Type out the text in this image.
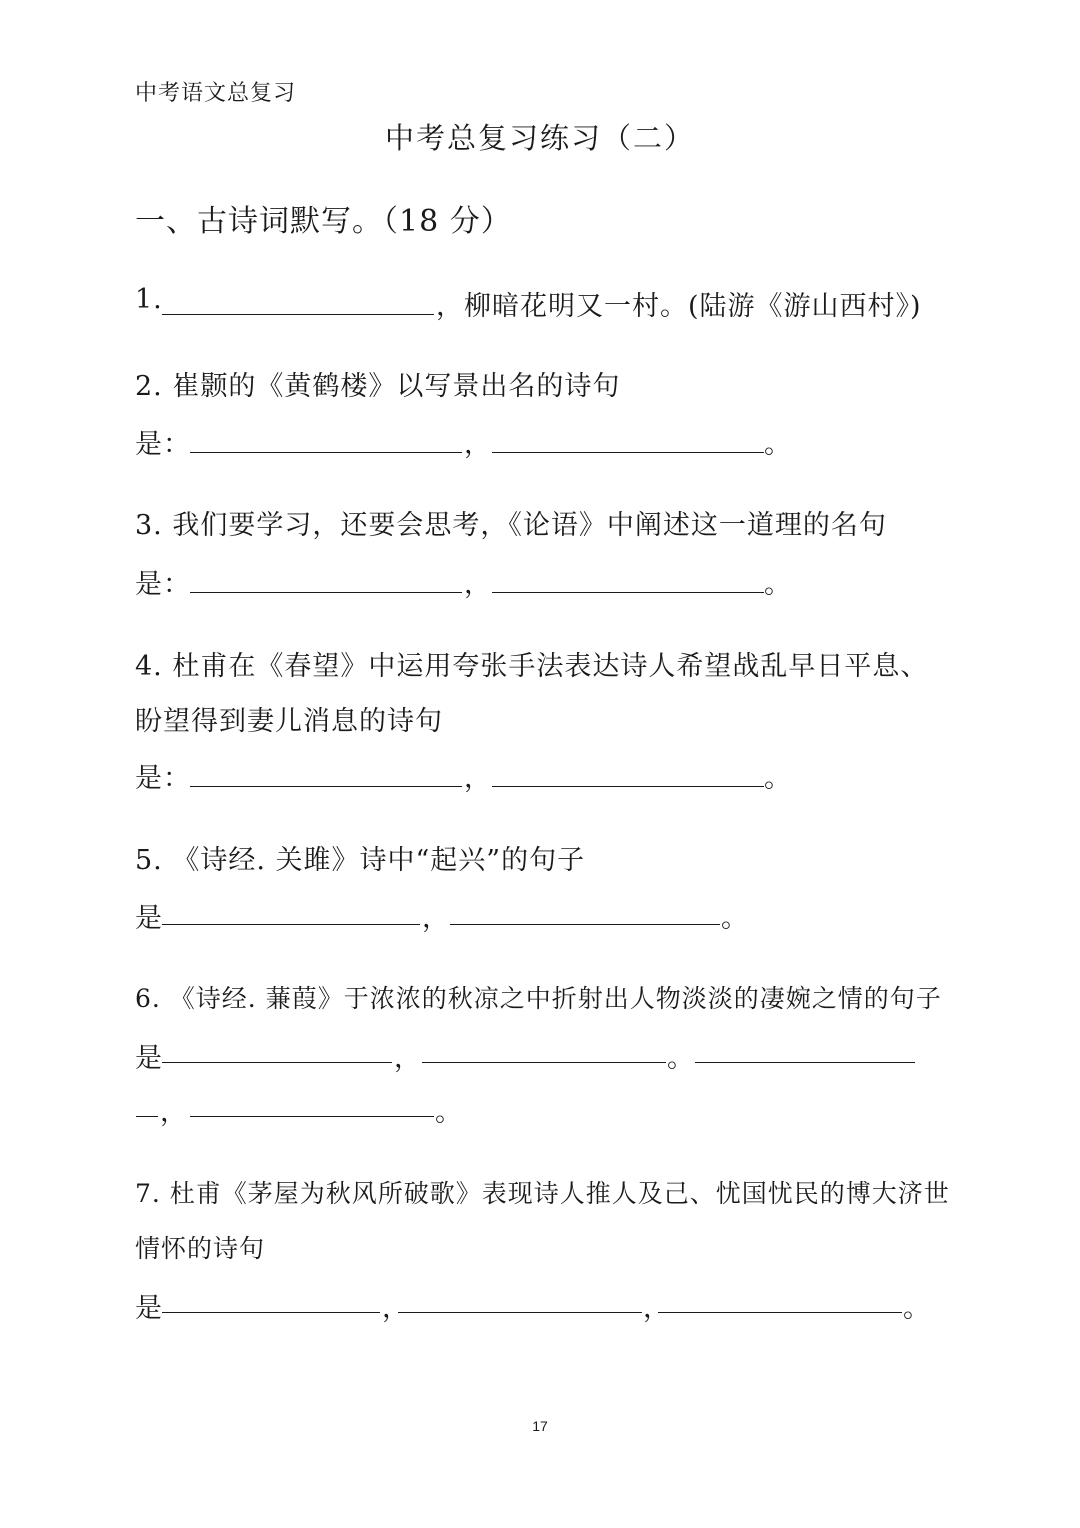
中考语文总复习
中考总复习练习（二）
一、古诗词默写。（18 分）
1.	，柳暗花明又一村。(陆游《游山西村》)
2. 崔颢的《黄鹤楼》以写景出名的诗句
是：	，	。
3. 我们要学习，还要会思考，《论语》中阐述这一道理的名句
是：	，	。
4. 杜甫在《春望》中运用夸张手法表达诗人希望战乱早日平息、
盼望得到妻儿消息的诗句
是：	，	。
5. 《诗经. 关雎》诗中“起兴”的句子
是	，	。
6. 《诗经. 蒹葭》于浓浓的秋凉之中折射出人物淡淡的凄婉之情的句子
是	，	。
，	。
7. 杜甫《茅屋为秋风所破歌》表现诗人推人及己、忧国忧民的博大济世
情怀的诗句
是	，	，	。
17
